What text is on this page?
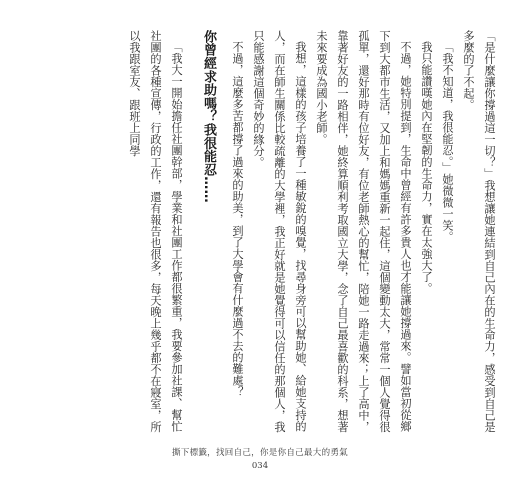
「是什麼讓你撐過這一切？」我想讓她連結到自己內在的生命力，感受到自己是多麼的了不起。

「我不知道，我很能忍。」她微微一笑。

我只能讚嘆她內在堅韌的生命力，實在太強大了。

不過，她特別提到，生命中曾經有許多貴人也才能讓她撐過來。譬如當初從鄉下到大都市生活，又加上和媽媽重新一起住，這個變動太大，常常一個人覺得很孤單，還好那時有位好友，有位老師熱心的幫忙，陪她一路走過來；上了高中，靠著好友的一路相伴，她終算順利考取國立大學，念了自己最喜歡的科系，想著未來要成為國小老師。

我想，這樣的孩子培養了一種敏銳的嗅覺，找尋身旁可以幫助她、給她支持的人，而在師生關係比較疏離的大學裡，我正好就是她覺得可以信任的那個人，我只能感謝這個奇妙的緣分。

不過，這麼多苦都撐了過來的助美，到了大學會有什麼過不去的難處？

你曾經求助嗎？我很能忍……

「我大一開始擔任社團幹部，學業和社團工作都很繁重，我要參加社課、幫忙社團的各種宣傳，行政的工作，還有報告也很多，每天晚上幾乎都不在寢室，所以我跟室友、跟班上同學

撕下標籤，找回自己，你是你自己最大的勇氣
034
